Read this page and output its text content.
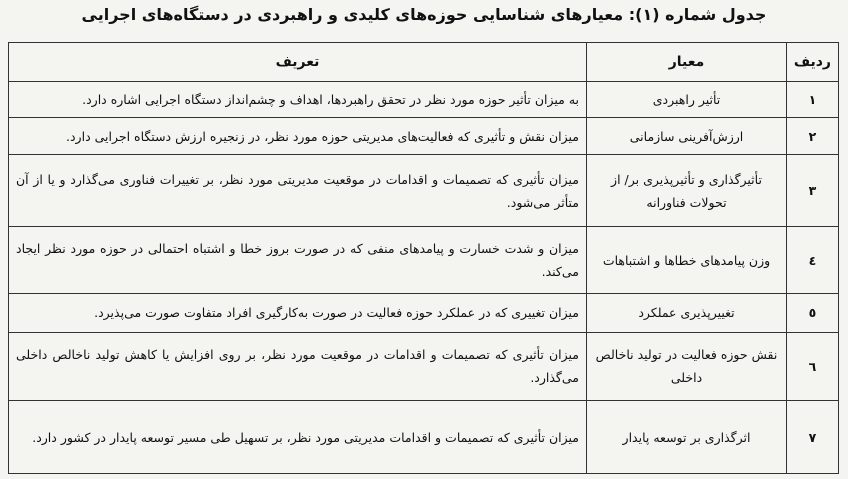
جدول شماره (۱): معیارهای شناسایی حوزه‌های کلیدی و راهبردی در دستگاه‌های اجرایی
ردیف	معیار	تعریف
۱	تأثیر راهبردی	به میزان تأثیر حوزه مورد نظر در تحقق راهبردها، اهداف و چشم‌انداز دستگاه اجرایی اشاره دارد.
۲	ارزش‌آفرینی سازمانی	میزان نقش و تأثیری که فعالیت‌های مدیریتی حوزه مورد نظر، در زنجیره ارزش دستگاه اجرایی دارد.
۳	تأثیرگذاری و تأثیرپذیری بر/ از تحولات فناورانه	میزان تأثیری که تصمیمات و اقدامات در موقعیت مدیریتی مورد نظر، بر تغییرات فناوری می‌گذارد و یا از آن متأثر می‌شود.
٤	وزن پیامدهای خطاها و اشتباهات	میزان و شدت خسارت و پیامدهای منفی که در صورت بروز خطا و اشتباه احتمالی در حوزه مورد نظر ایجاد می‌کند.
٥	تغییرپذیری عملکرد	میزان تغییری که در عملکرد حوزه فعالیت در صورت به‌کارگیری افراد متفاوت صورت می‌پذیرد.
٦	نقش حوزه فعالیت در تولید ناخالص داخلی	میزان تأثیری که تصمیمات و اقدامات در موقعیت مورد نظر، بر روی افزایش یا کاهش تولید ناخالص داخلی می‌گذارد.
۷	اثرگذاری بر توسعه پایدار	میزان تأثیری که تصمیمات و اقدامات مدیریتی مورد نظر، بر تسهیل طی مسیر توسعه پایدار در کشور دارد.
